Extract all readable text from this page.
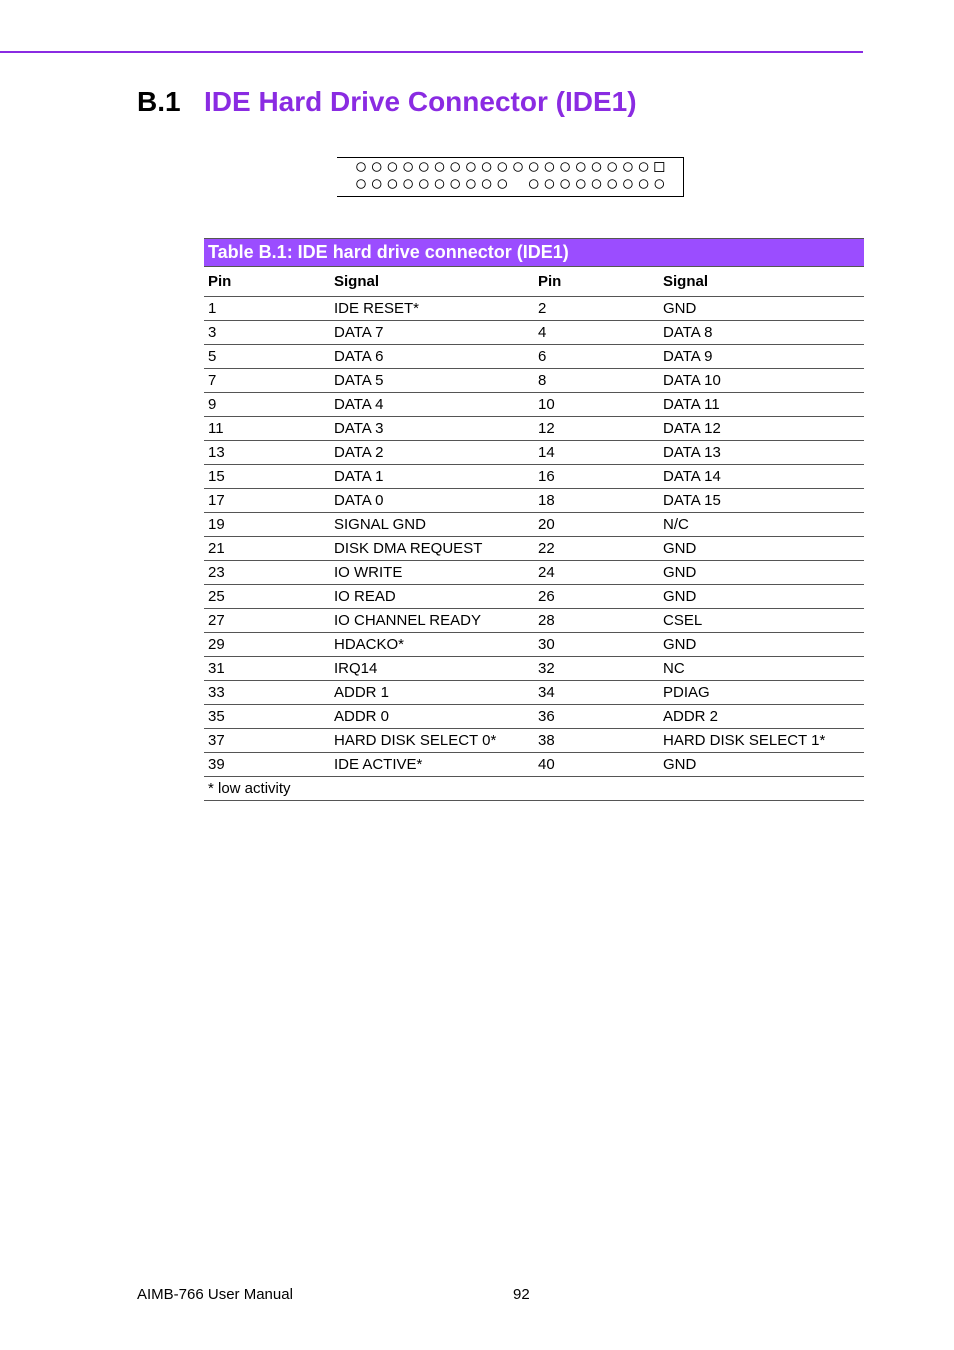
B.1 IDE Hard Drive Connector (IDE1)
Table B.1: IDE hard drive connector (IDE1)			
Pin	Signal	Pin	Signal
1	IDE RESET*	2	GND
3	DATA 7	4	DATA 8
5	DATA 6	6	DATA 9
7	DATA 5	8	DATA 10
9	DATA 4	10	DATA 11
11	DATA 3	12	DATA 12
13	DATA 2	14	DATA 13
15	DATA 1	16	DATA 14
17	DATA 0	18	DATA 15
19	SIGNAL GND	20	N/C
21	DISK DMA REQUEST	22	GND
23	IO WRITE	24	GND
25	IO READ	26	GND
27	IO CHANNEL READY	28	CSEL
29	HDACKO*	30	GND
31	IRQ14	32	NC
33	ADDR 1	34	PDIAG
35	ADDR 0	36	ADDR 2
37	HARD DISK SELECT 0*	38	HARD DISK SELECT 1*
39	IDE ACTIVE*	40	GND
* low activity			
AIMB-766 User Manual	92
